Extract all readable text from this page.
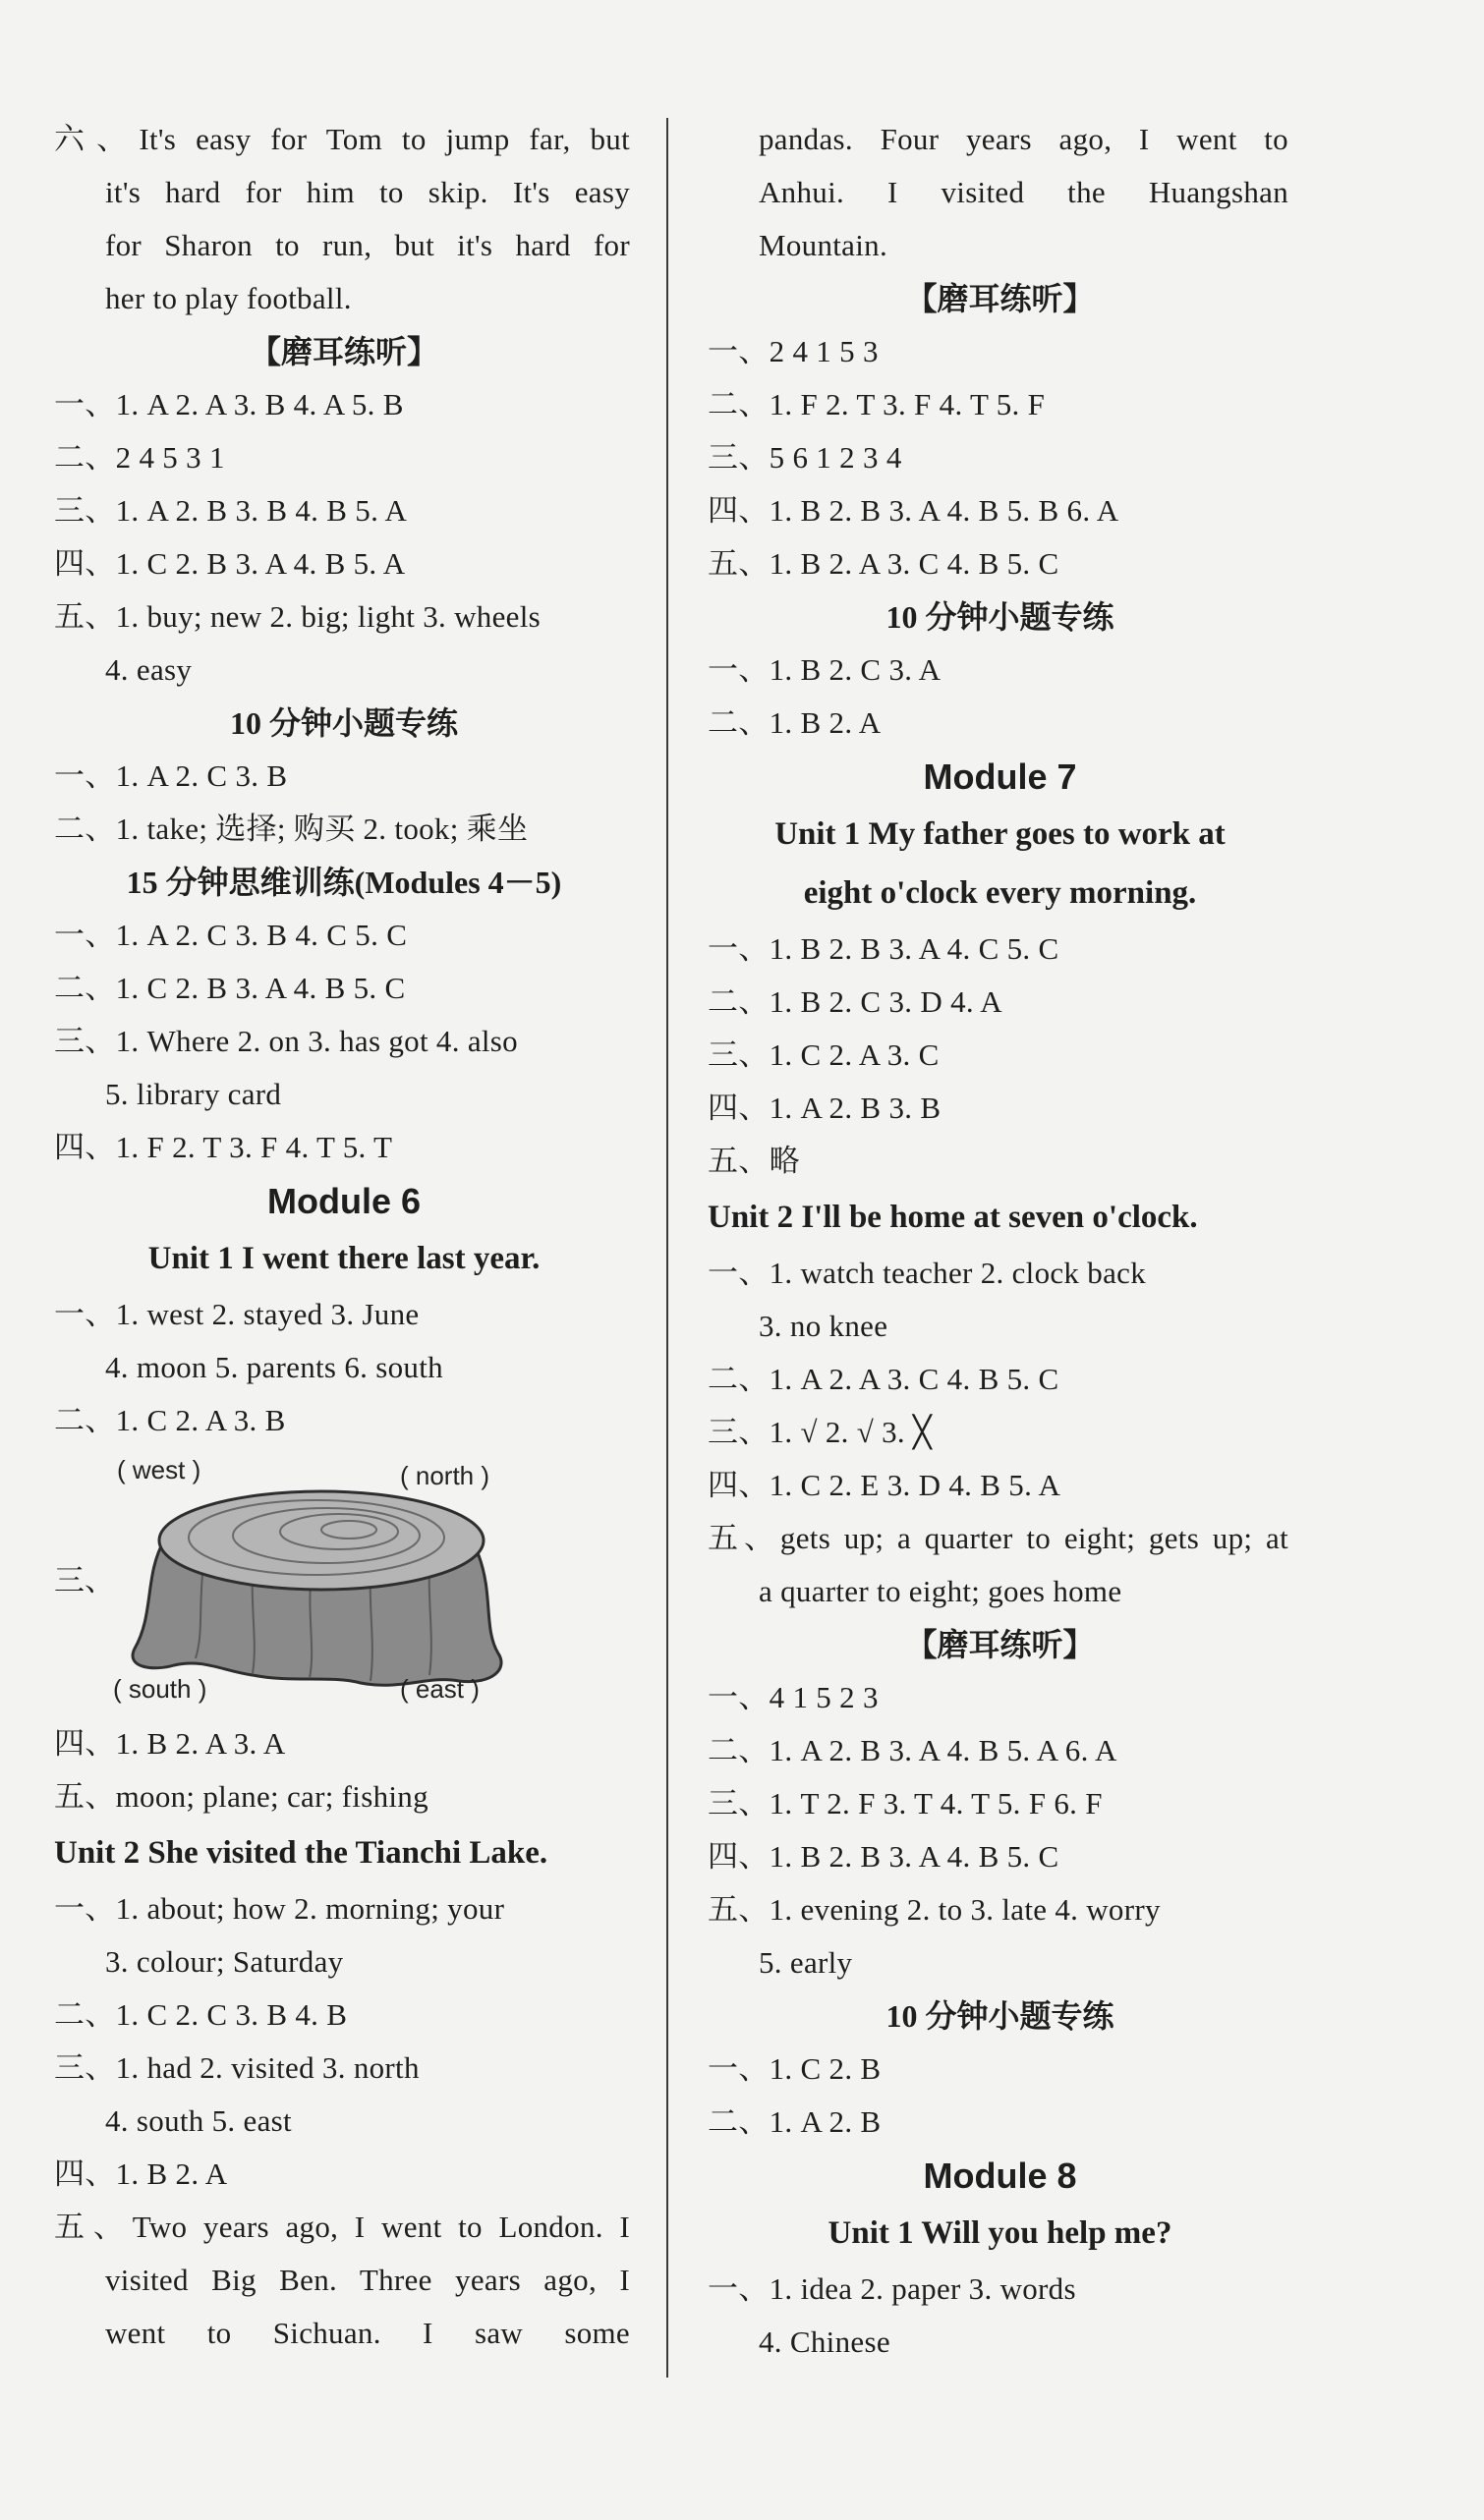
六、It's easy for Tom to jump far, but
it's hard for him to skip. It's easy
for Sharon to run, but it's hard for
her to play football.
【磨耳练听】
一、1. A 2. A 3. B 4. A 5. B
二、2 4 5 3 1
三、1. A 2. B 3. B 4. B 5. A
四、1. C 2. B 3. A 4. B 5. A
五、1. buy; new 2. big; light 3. wheels
4. easy
10 分钟小题专练
一、1. A 2. C 3. B
二、1. take; 选择; 购买 2. took; 乘坐
15 分钟思维训练(Modules 4－5)
一、1. A 2. C 3. B 4. C 5. C
二、1. C 2. B 3. A 4. B 5. C
三、1. Where 2. on 3. has got 4. also
5. library card
四、1. F 2. T 3. F 4. T 5. T
Module 6
Unit 1 I went there last year.
一、1. west 2. stayed 3. June
4. moon 5. parents 6. south
二、1. C 2. A 3. B
三、
( west )	( north )
( south )	( east )
四、1. B 2. A 3. A
五、moon; plane; car; fishing
Unit 2 She visited the Tianchi Lake.
一、1. about; how 2. morning; your
3. colour; Saturday
二、1. C 2. C 3. B 4. B
三、1. had 2. visited 3. north
4. south 5. east
四、1. B 2. A
五、Two years ago, I went to London. I
visited Big Ben. Three years ago, I
went to Sichuan. I saw some
pandas. Four years ago, I went to
Anhui. I visited the Huangshan
Mountain.
【磨耳练听】
一、2 4 1 5 3
二、1. F 2. T 3. F 4. T 5. F
三、5 6 1 2 3 4
四、1. B 2. B 3. A 4. B 5. B 6. A
五、1. B 2. A 3. C 4. B 5. C
10 分钟小题专练
一、1. B 2. C 3. A
二、1. B 2. A
Module 7
Unit 1 My father goes to work at
eight o'clock every morning.
一、1. B 2. B 3. A 4. C 5. C
二、1. B 2. C 3. D 4. A
三、1. C 2. A 3. C
四、1. A 2. B 3. B
五、略
Unit 2 I'll be home at seven o'clock.
一、1. watch teacher 2. clock back
3. no knee
二、1. A 2. A 3. C 4. B 5. C
三、1. √ 2. √ 3. ╳
四、1. C 2. E 3. D 4. B 5. A
五、gets up; a quarter to eight; gets up; at
a quarter to eight; goes home
【磨耳练听】
一、4 1 5 2 3
二、1. A 2. B 3. A 4. B 5. A 6. A
三、1. T 2. F 3. T 4. T 5. F 6. F
四、1. B 2. B 3. A 4. B 5. C
五、1. evening 2. to 3. late 4. worry
5. early
10 分钟小题专练
一、1. C 2. B
二、1. A 2. B
Module 8
Unit 1 Will you help me?
一、1. idea 2. paper 3. words
4. Chinese
